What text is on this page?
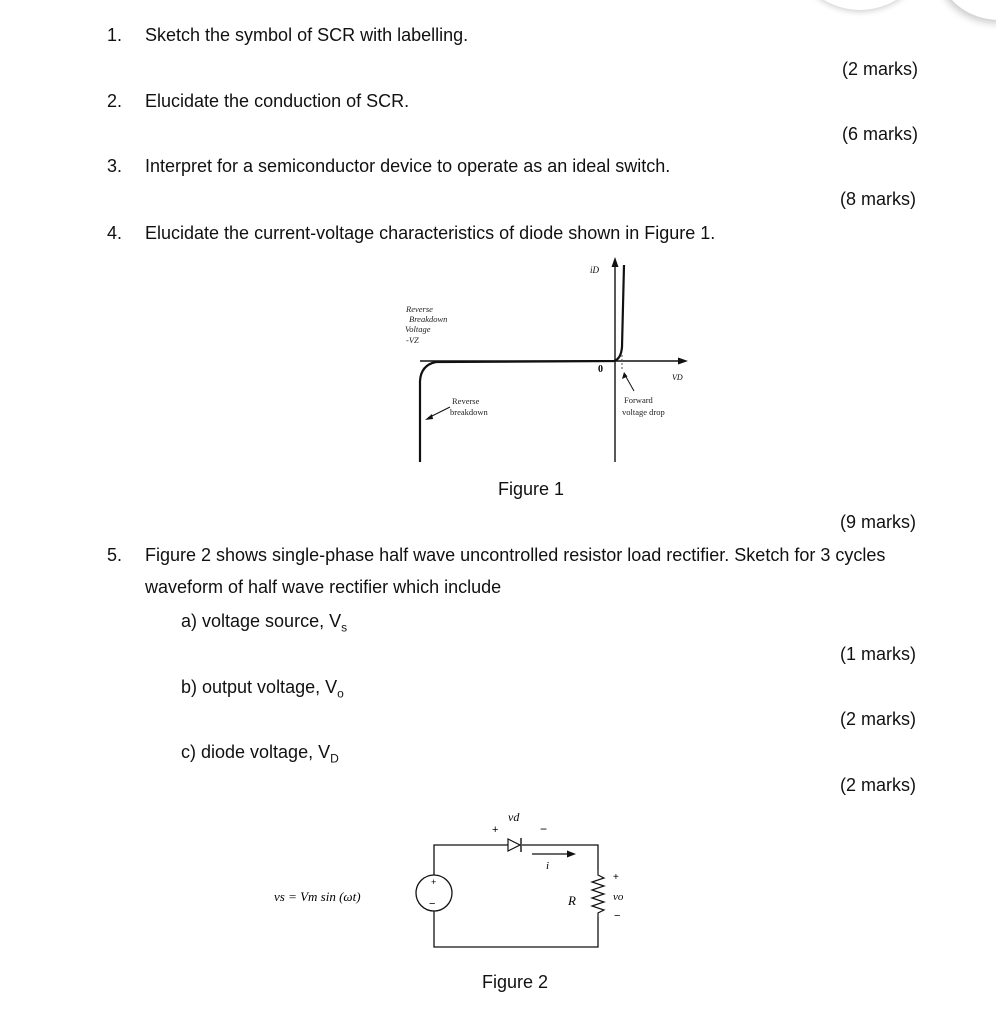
1. Sketch the symbol of SCR with labelling.
(2 marks)
2. Elucidate the conduction of SCR.
(6 marks)
3. Interpret for a semiconductor device to operate as an ideal switch.
(8 marks)
4. Elucidate the current-voltage characteristics of diode shown in Figure 1.
iD
VD
0
Reverse
Breakdown
Voltage
-VZ
Reverse
breakdown
Forward
voltage drop
Figure 1
(9 marks)
5. Figure 2 shows single-phase half wave uncontrolled resistor load rectifier. Sketch for 3 cycles
waveform of half wave rectifier which include
a) voltage source, $V_s$
(1 marks)
b) output voltage, $V_o$
(2 marks)
c) diode voltage, $V_D$
(2 marks)
+
−
vd
+	−
i
R
+
vo
−
vs = Vm sin (ωt)
Figure 2
